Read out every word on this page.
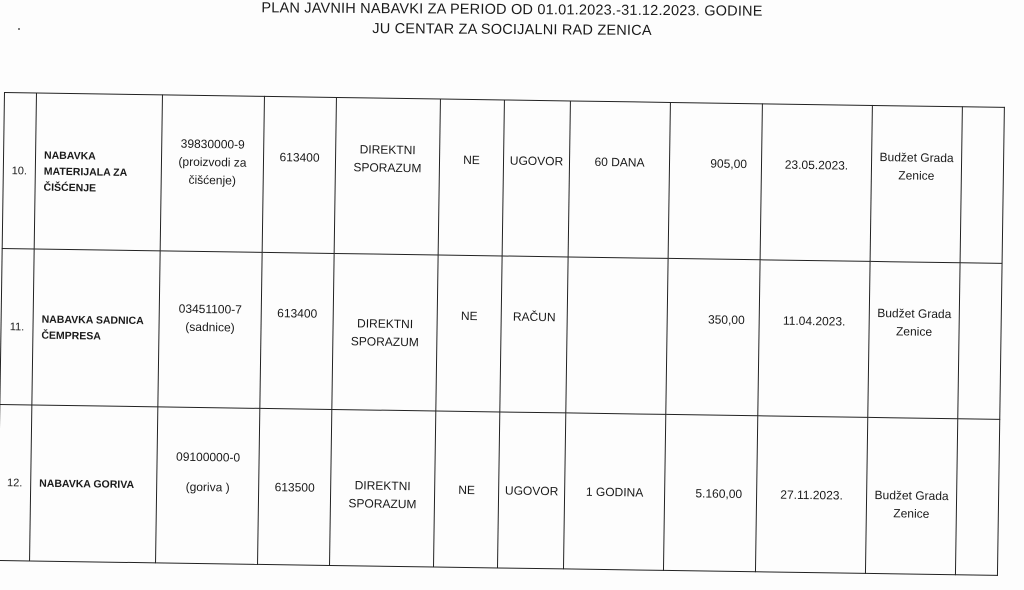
PLAN JAVNIH NABAVKI ZA PERIOD OD 01.01.2023.-31.12.2023. GODINE
JU CENTAR ZA SOCIJALNI RAD ZENICA
10.	NABAVKA
MATERIJALA ZA
ČIŠĆENJE	39830000-9
(proizvodi za
čišćenje)	613400	DIREKTNI
SPORAZUM	NE	UGOVOR	60 DANA	905,00	23.05.2023.	Budžet Grada
Zenice	

11.	NABAVKA SADNICA
ČEMPRESA	03451100-7
(sadnice)	613400	DIREKTNI
SPORAZUM	NE	RAČUN		350,00	11.04.2023.	Budžet Grada
Zenice	

12.	NABAVKA GORIVA	09100000-0
(goriva )	613500	DIREKTNI
SPORAZUM	NE	UGOVOR	1 GODINA	5.160,00	27.11.2023.	Budžet Grada
Zenice	
